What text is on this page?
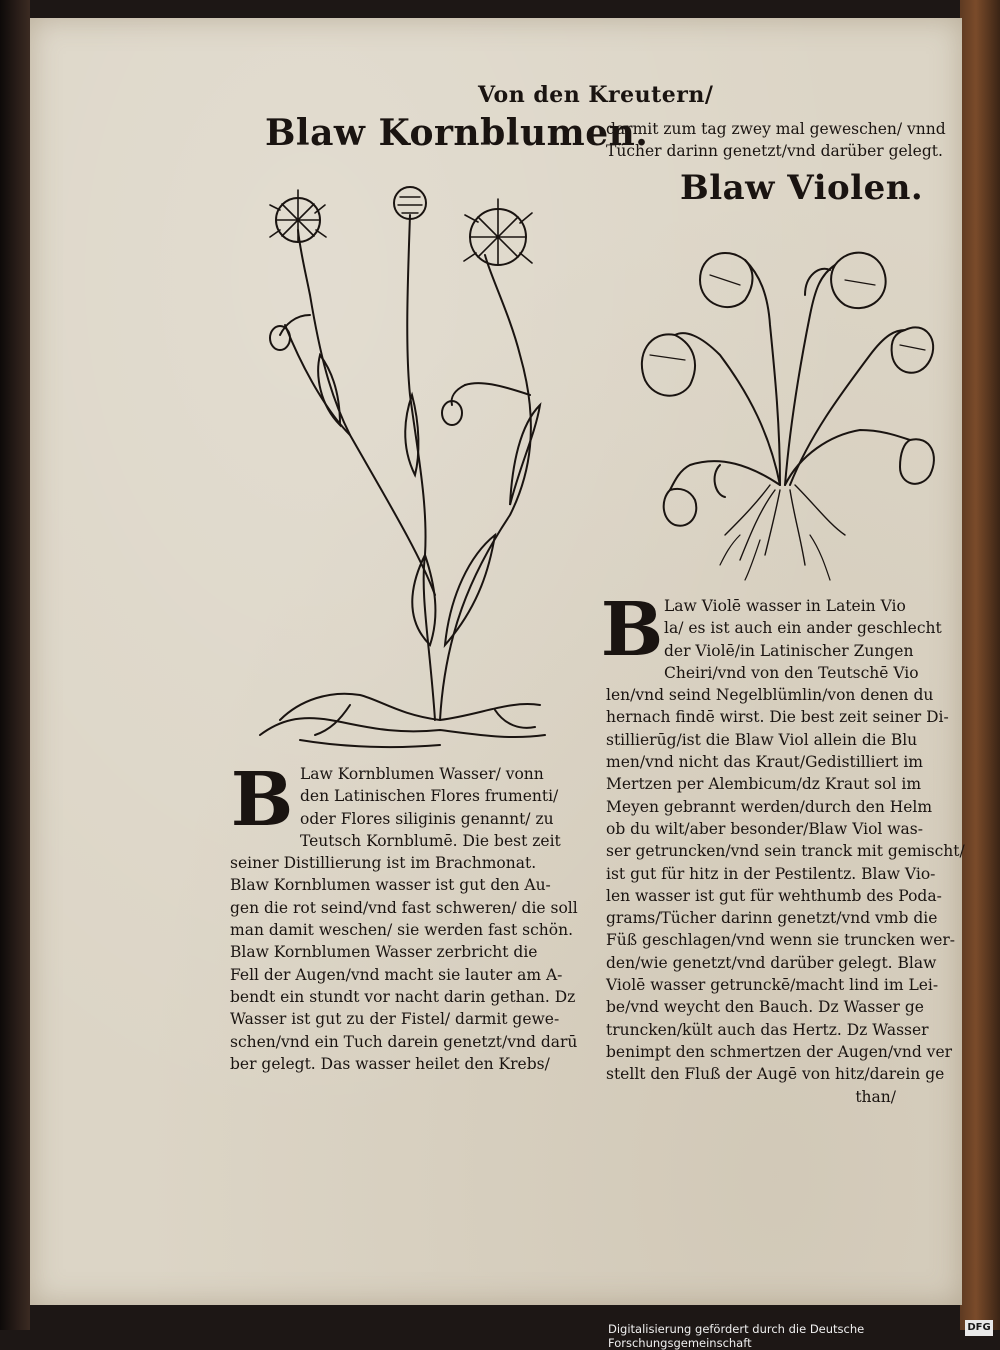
Von den Kreutern/
Blaw Kornblumen.
darmit zum tag zwey mal geweschen/ vnnd
Tücher darinn genetzt/vnd darüber gelegt.
Blaw Violen.
B Law Kornblumen Wasser/ vonn
den Latinischen Flores frumenti/
oder Flores siliginis genannt/ zu
Teutsch Kornblumē. Die best zeit
seiner Distillierung ist im Brachmonat.
Blaw Kornblumen wasser ist gut den Au-
gen die rot seind/vnd fast schweren/ die soll
man damit weschen/ sie werden fast schön.
Blaw Kornblumen Wasser zerbricht die
Fell der Augen/vnd macht sie lauter am A-
bendt ein stundt vor nacht darin gethan. Dz
Wasser ist gut zu der Fistel/ darmit gewe-
schen/vnd ein Tuch darein genetzt/vnd darū
ber gelegt. Das wasser heilet den Krebs/
B Law Violē wasser in Latein Vio
la/ es ist auch ein ander geschlecht
der Violē/in Latinischer Zungen
Cheiri/vnd von den Teutschē Vio
len/vnd seind Negelblümlin/von denen du
hernach findē wirst. Die best zeit seiner Di-
stillierūg/ist die Blaw Viol allein die Blu
men/vnd nicht das Kraut/Gedistilliert im
Mertzen per Alembicum/dz Kraut sol im
Meyen gebrannt werden/durch den Helm
ob du wilt/aber besonder/Blaw Viol was-
ser getruncken/vnd sein tranck mit gemischt/
ist gut für hitz in der Pestilentz. Blaw Vio-
len wasser ist gut für wehthumb des Poda-
grams/Tücher darinn genetzt/vnd vmb die
Füß geschlagen/vnd wenn sie truncken wer-
den/wie genetzt/vnd darüber gelegt. Blaw
Violē wasser getrunckē/macht lind im Lei-
be/vnd weycht den Bauch. Dz Wasser ge
truncken/kült auch das Hertz. Dz Wasser
benimpt den schmertzen der Augen/vnd ver
stellt den Fluß der Augē von hitz/darein ge
than/
Digitalisierung gefördert durch die Deutsche Forschungsgemeinschaft
DFG
